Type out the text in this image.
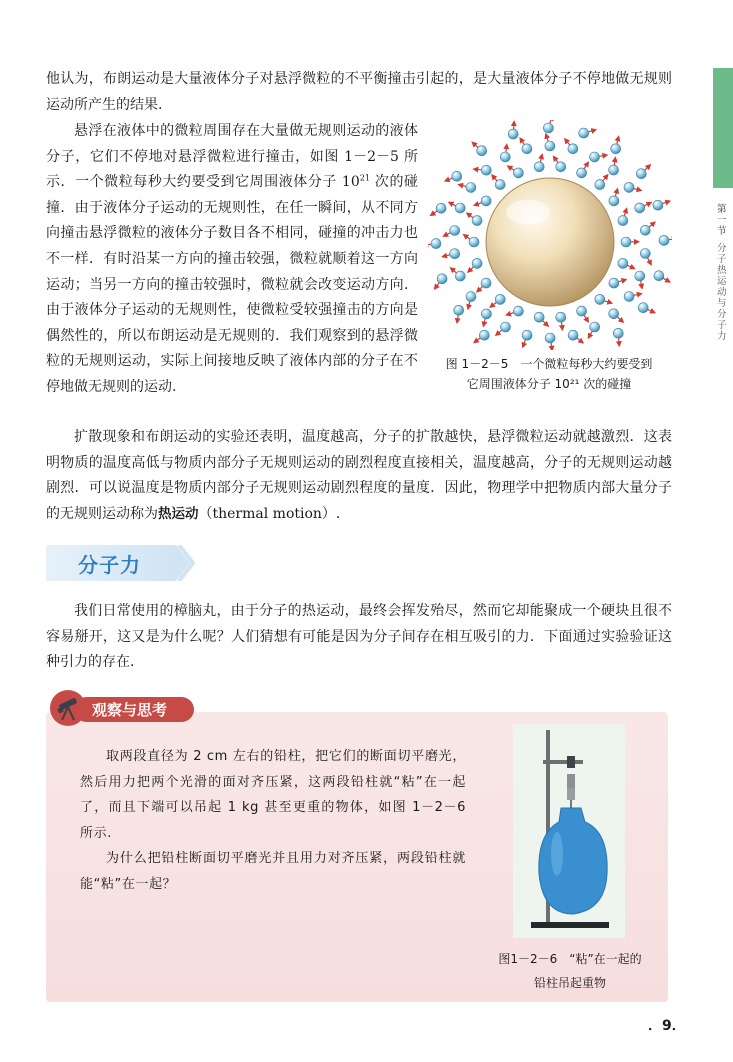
第一节
分子热运动与分子力

他认为，布朗运动是大量液体分子对悬浮微粒的不平衡撞击引起的，是大量液体分子不停地做无规则运动所产生的结果.

悬浮在液体中的微粒周围存在大量做无规则运动的液体分子，它们不停地对悬浮微粒进行撞击，如图 1－2－5 所示．一个微粒每秒大约要受到它周围液体分子 $10^{21}$ 次的碰撞．由于液体分子运动的无规则性，在任一瞬间，从不同方向撞击悬浮微粒的液体分子数目各不相同，碰撞的冲击力也不一样．有时沿某一方向的撞击较强，微粒就顺着这一方向运动；当另一方向的撞击较强时，微粒就会改变运动方向．由于液体分子运动的无规则性，使微粒受较强撞击的方向是偶然性的，所以布朗运动是无规则的．我们观察到的悬浮微粒的无规则运动，实际上间接地反映了液体内部的分子在不停地做无规则的运动.

图 1－2－5　一个微粒每秒大约要受到
它周围液体分子 10²¹ 次的碰撞

扩散现象和布朗运动的实验还表明，温度越高，分子的扩散越快，悬浮微粒运动就越激烈．这表明物质的温度高低与物质内部分子无规则运动的剧烈程度直接相关，温度越高，分子的无规则运动越剧烈．可以说温度是物质内部分子无规则运动剧烈程度的量度．因此，物理学中把物质内部大量分子的无规则运动称为热运动（thermal motion）.

分子力

我们日常使用的樟脑丸，由于分子的热运动，最终会挥发殆尽，然而它却能聚成一个硬块且很不容易掰开，这又是为什么呢？人们猜想有可能是因为分子间存在相互吸引的力．下面通过实验验证这种引力的存在.

观察与思考

取两段直径为 2 cm 左右的铅柱，把它们的断面切平磨光，然后用力把两个光滑的面对齐压紧，这两段铅柱就“粘”在一起了，而且下端可以吊起 1 kg 甚至更重的物体，如图 1－2－6 所示.

为什么把铅柱断面切平磨光并且用力对齐压紧，两段铅柱就能“粘”在一起？

图1－2－6　“粘”在一起的
铅柱吊起重物
．9．
